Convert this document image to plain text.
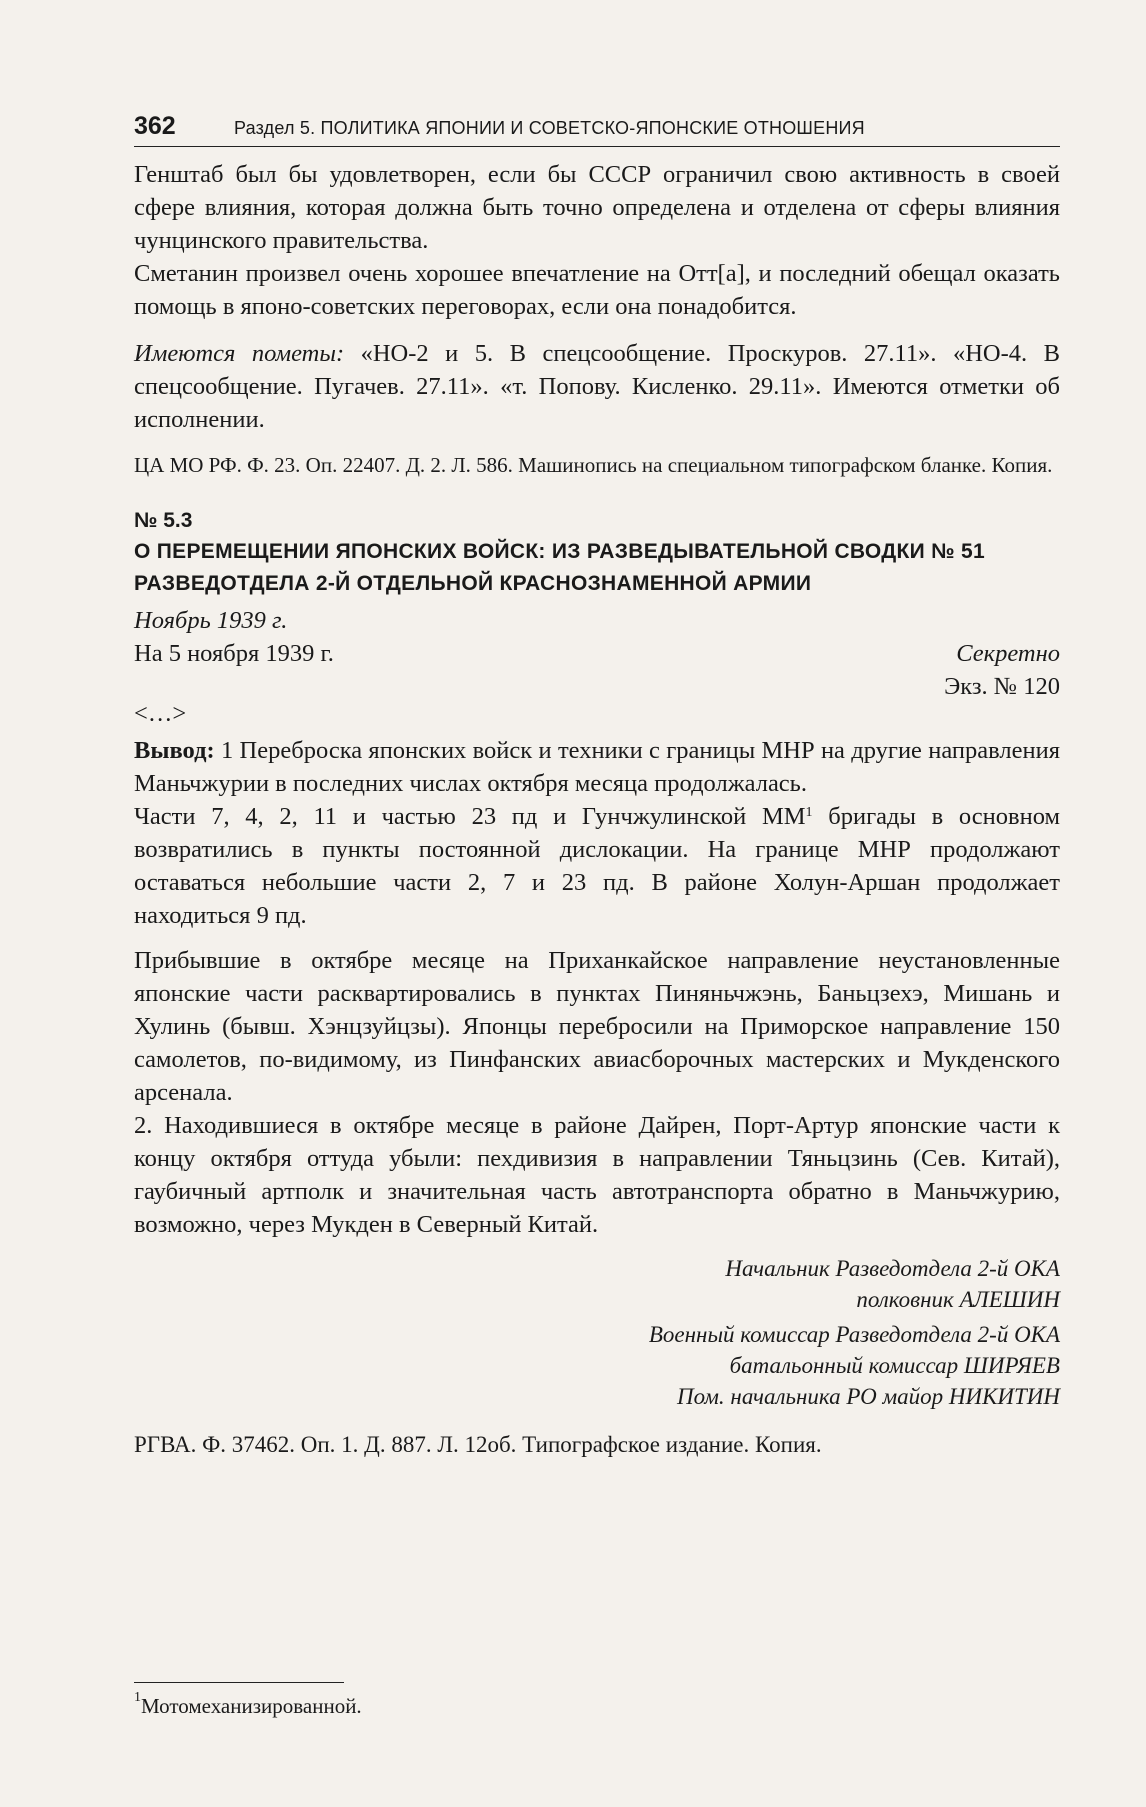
362	Раздел 5. ПОЛИТИКА ЯПОНИИ И СОВЕТСКО-ЯПОНСКИЕ ОТНОШЕНИЯ

Генштаб был бы удовлетворен, если бы СССР ограничил свою активность в своей сфере влияния, которая должна быть точно определена и отделена от сферы влияния чунцинского правительства.

Сметанин произвел очень хорошее впечатление на Отт[а], и последний обещал оказать помощь в японо-советских переговорах, если она понадобится.

Имеются пометы: «НО-2 и 5. В спецсообщение. Проскуров. 27.11». «НО-4. В спецсообщение. Пугачев. 27.11». «т. Попову. Кисленко. 29.11». Имеются отметки об исполнении.

ЦА МО РФ. Ф. 23. Оп. 22407. Д. 2. Л. 586. Машинопись на специальном типографском бланке. Копия.

№ 5.3
О ПЕРЕМЕЩЕНИИ ЯПОНСКИХ ВОЙСК: ИЗ РАЗВЕДЫВАТЕЛЬНОЙ СВОДКИ № 51
РАЗВЕДОТДЕЛА 2-Й ОТДЕЛЬНОЙ КРАСНОЗНАМЕННОЙ АРМИИ
Ноябрь 1939 г.
На 5 ноября 1939 г.	Секретно
Экз. № 120
<…>

Вывод: 1 Переброска японских войск и техники с границы МНР на другие направления Маньчжурии в последних числах октября месяца продолжалась.

Части 7, 4, 2, 11 и частью 23 пд и Гунчжулинской $ММ^1$ бригады в основном возвратились в пункты постоянной дислокации. На границе МНР продолжают оставаться небольшие части 2, 7 и 23 пд. В районе Холун-Аршан продолжает находиться 9 пд.

Прибывшие в октябре месяце на Приханкайское направление неустановленные японские части расквартировались в пунктах Пиняньчжэнь, Баньцзехэ, Мишань и Хулинь (бывш. Хэнцзуйцзы). Японцы перебросили на Приморское направление 150 самолетов, по-видимому, из Пинфанских авиасборочных мастерских и Мукденского арсенала.

2. Находившиеся в октябре месяце в районе Дайрен, Порт-Артур японские части к концу октября оттуда убыли: пехдивизия в направлении Тяньцзинь (Сев. Китай), гаубичный артполк и значительная часть автотранспорта обратно в Маньчжурию, возможно, через Мукден в Северный Китай.

Начальник Разведотдела 2-й ОКА
полковник АЛЕШИН
Военный комиссар Разведотдела 2-й ОКА
батальонный комиссар ШИРЯЕВ
Пом. начальника РО майор НИКИТИН

РГВА. Ф. 37462. Оп. 1. Д. 887. Л. 12об. Типографское издание. Копия.

$^1$Мотомеханизированной.
